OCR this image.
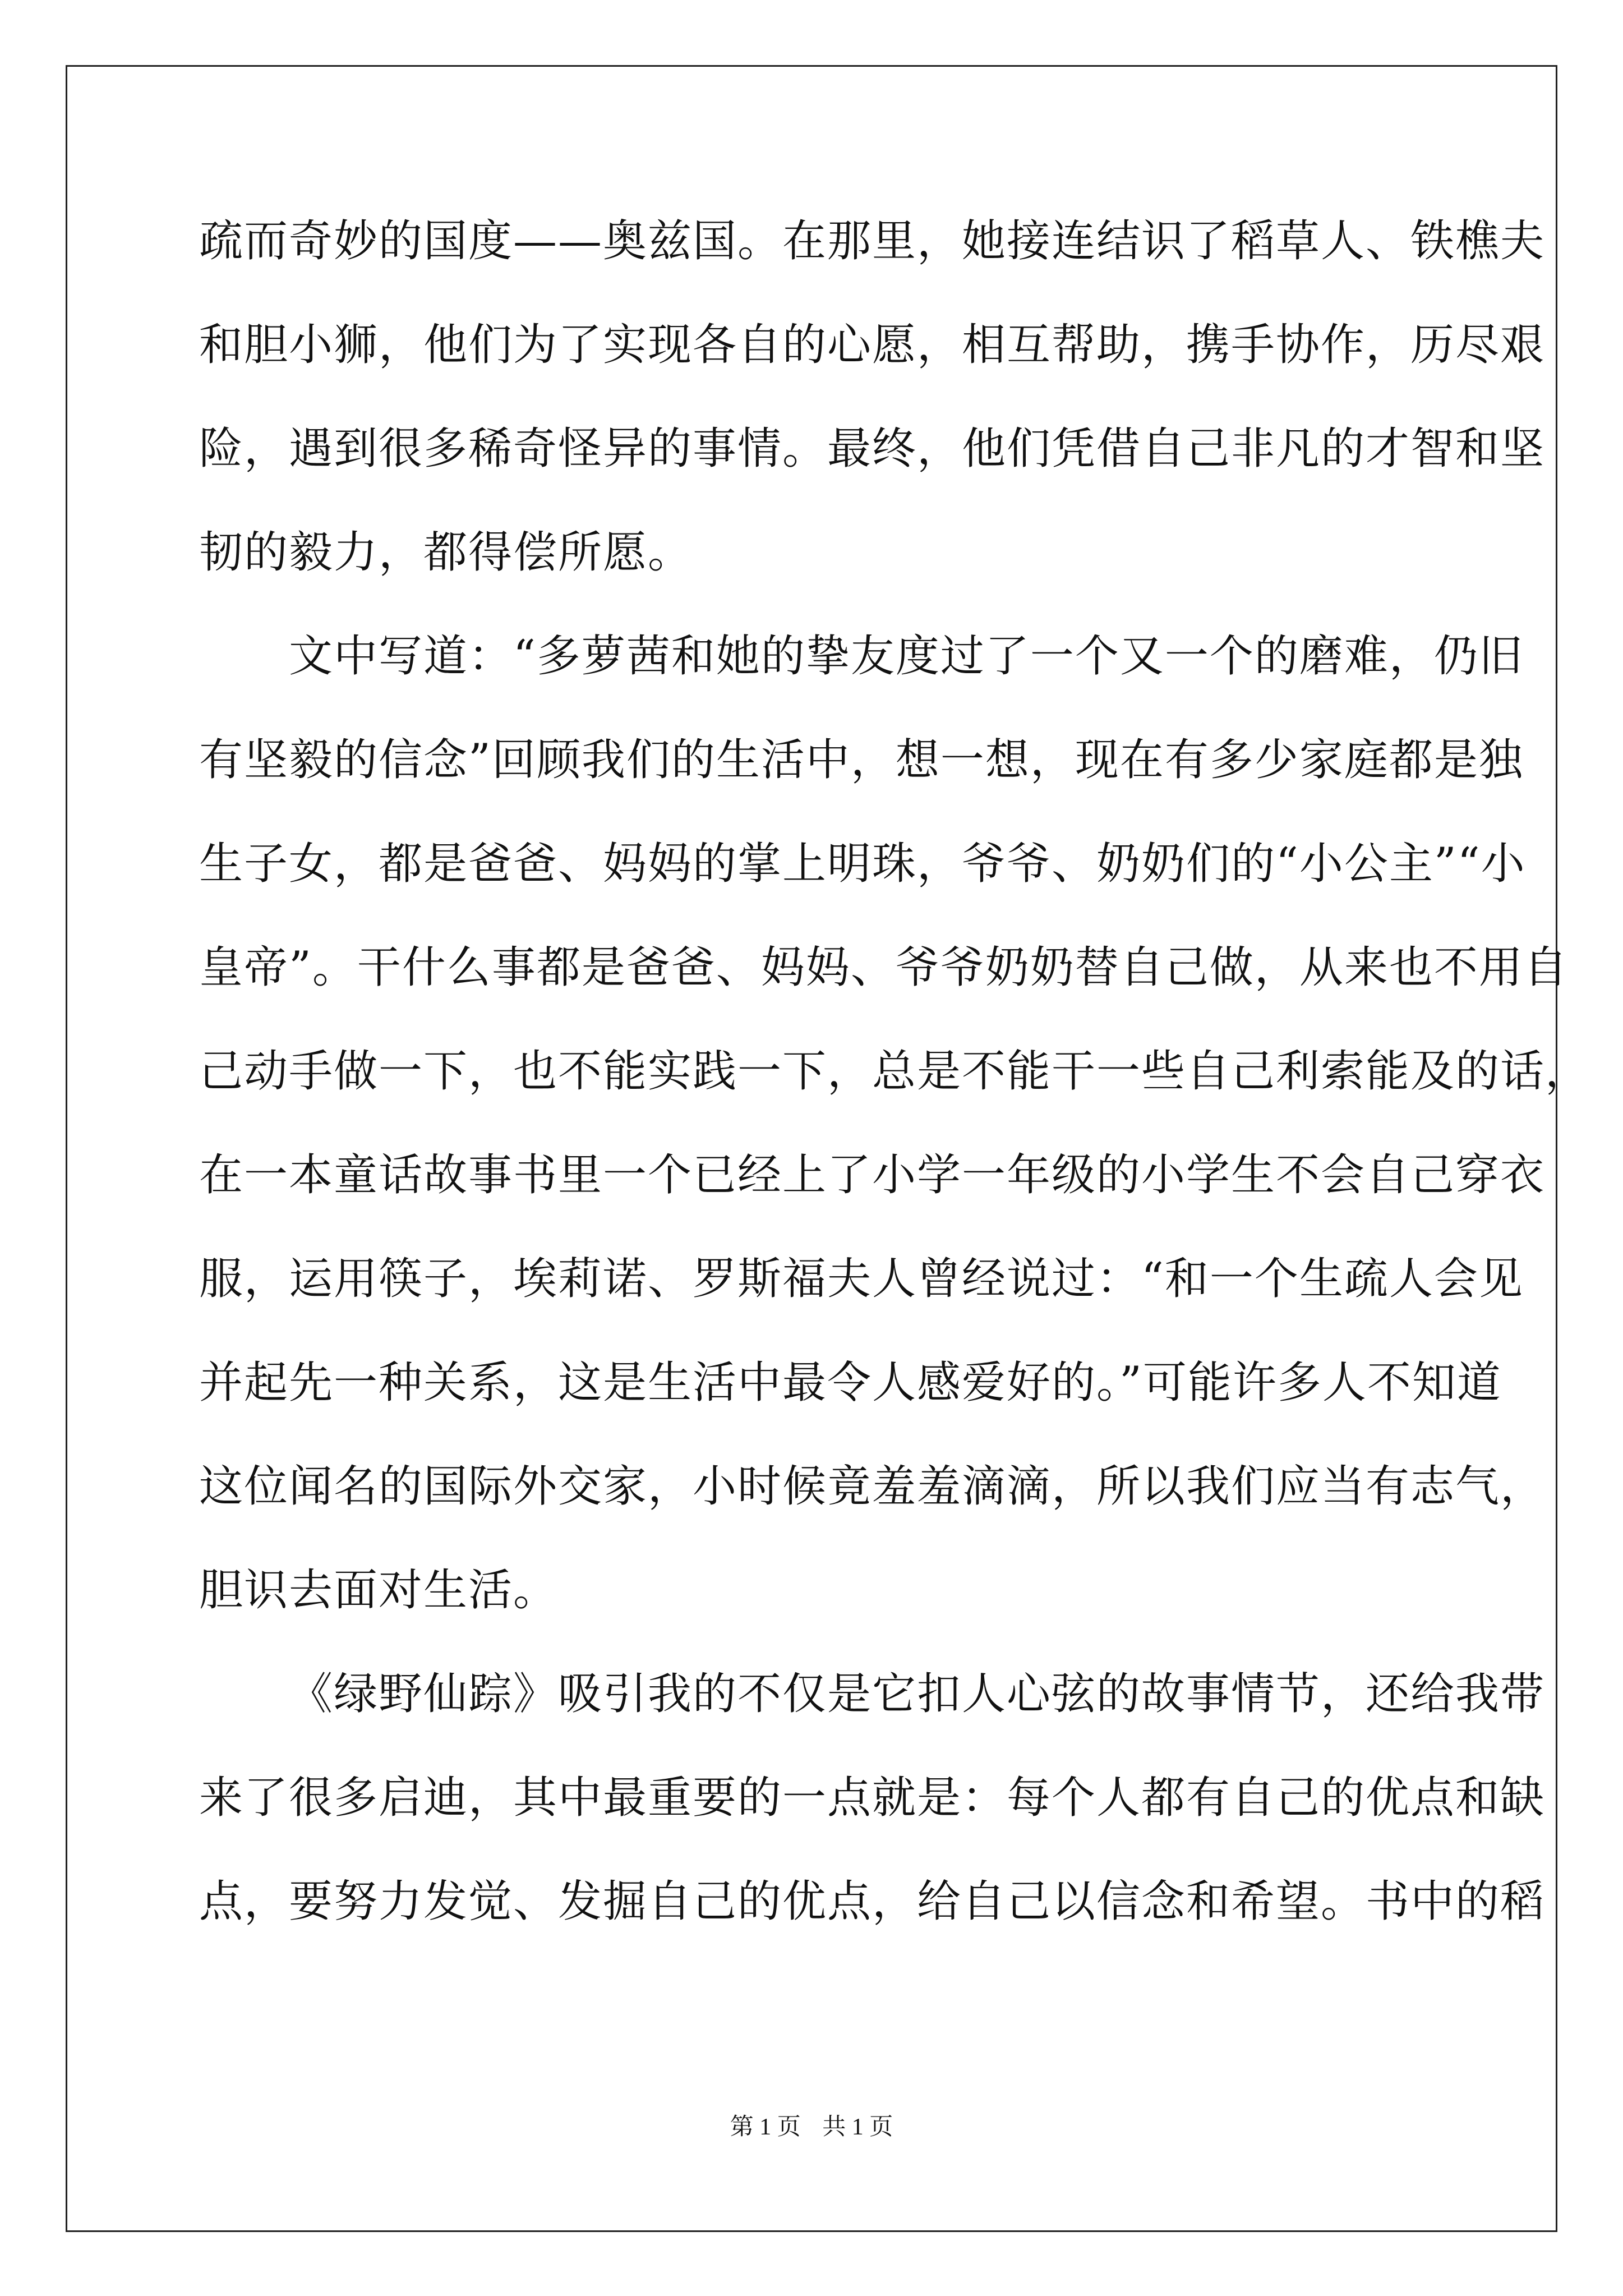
疏而奇妙的国度——奥兹国。在那里，她接连结识了稻草人、铁樵夫
和胆小狮，他们为了实现各自的心愿，相互帮助，携手协作，历尽艰
险，遇到很多稀奇怪异的事情。最终，他们凭借自己非凡的才智和坚
韧的毅力，都得偿所愿。
文中写道：“多萝茜和她的挚友度过了一个又一个的磨难，仍旧
有坚毅的信念”回顾我们的生活中，想一想，现在有多少家庭都是独
生子女，都是爸爸、妈妈的掌上明珠，爷爷、奶奶们的“小公主”“小
皇帝”。干什么事都是爸爸、妈妈、爷爷奶奶替自己做，从来也不用自
己动手做一下，也不能实践一下，总是不能干一些自己利索能及的话，
在一本童话故事书里一个已经上了小学一年级的小学生不会自己穿衣
服，运用筷子，埃莉诺、罗斯福夫人曾经说过：“和一个生疏人会见
并起先一种关系，这是生活中最令人感爱好的。”可能许多人不知道
这位闻名的国际外交家，小时候竟羞羞滴滴，所以我们应当有志气，
胆识去面对生活。
《绿野仙踪》吸引我的不仅是它扣人心弦的故事情节，还给我带
来了很多启迪，其中最重要的一点就是：每个人都有自己的优点和缺
点，要努力发觉、发掘自己的优点，给自己以信念和希望。书中的稻
第 1 页 共 1 页
